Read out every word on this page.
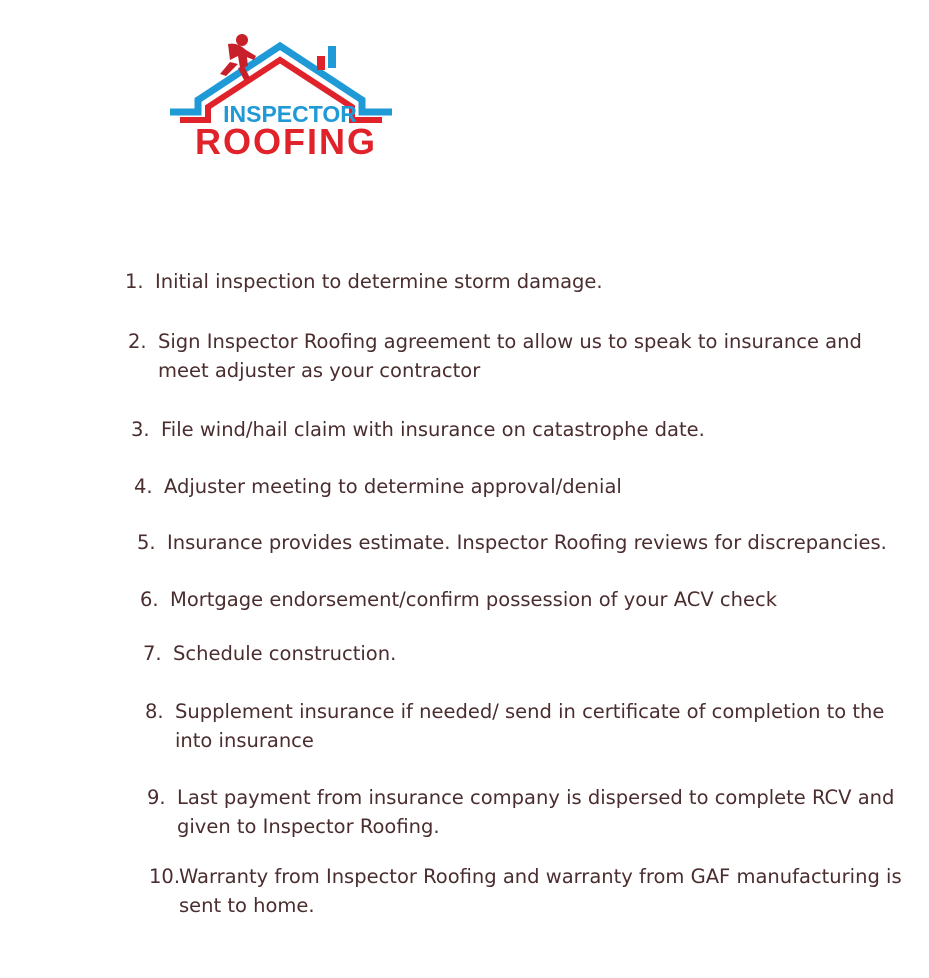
INSPECTOR
ROOFING
1. Initial inspection to determine storm damage.
2. Sign Inspector Roofing agreement to allow us to speak to insurance and
meet adjuster as your contractor
3. File wind/hail claim with insurance on catastrophe date.
4. Adjuster meeting to determine approval/denial
5. Insurance provides estimate. Inspector Roofing reviews for discrepancies.
6. Mortgage endorsement/confirm possession of your ACV check
7. Schedule construction.
8. Supplement insurance if needed/ send in certificate of completion to the
into insurance
9. Last payment from insurance company is dispersed to complete RCV and
given to Inspector Roofing.
10.Warranty from Inspector Roofing and warranty from GAF manufacturing is
sent to home.
